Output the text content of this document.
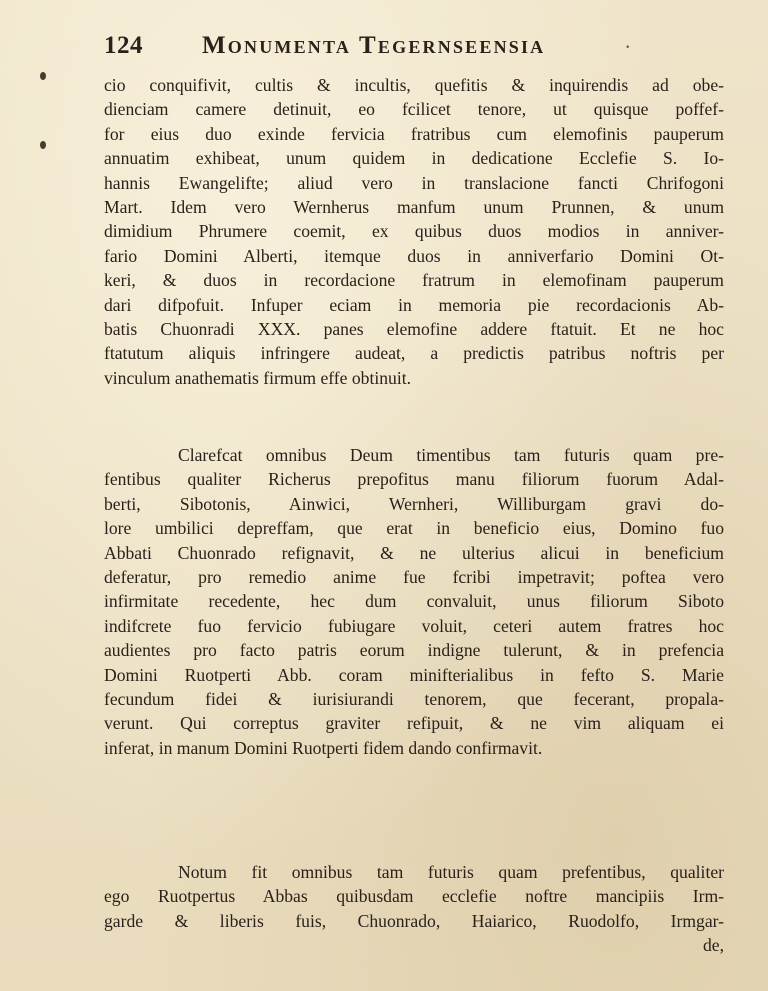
124 Monumenta Tegernseensia	·
cio conquifivit, cultis & incultis, quefitis & inquirendis ad obe-
dienciam camere detinuit, eo fcilicet tenore, ut quisque poffef-
for eius duo exinde fervicia fratribus cum elemofinis pauperum
annuatim exhibeat, unum quidem in dedicatione Ecclefie S. Io-
hannis Ewangelifte; aliud vero in translacione fancti Chrifogoni
Mart. Idem vero Wernherus manfum unum Prunnen, & unum
dimidium Phrumere coemit, ex quibus duos modios in anniver-
fario Domini Alberti, itemque duos in anniverfario Domini Ot-
keri, & duos in recordacione fratrum in elemofinam pauperum
dari difpofuit. Infuper eciam in memoria pie recordacionis Ab-
batis Chuonradi XXX. panes elemofine addere ftatuit. Et ne hoc
ftatutum aliquis infringere audeat, a predictis patribus noftris per
vinculum anathematis firmum effe obtinuit.
Clarefcat omnibus Deum timentibus tam futuris quam pre-
fentibus qualiter Richerus prepofitus manu filiorum fuorum Adal-
berti, Sibotonis, Ainwici, Wernheri, Williburgam gravi do-
lore umbilici depreffam, que erat in beneficio eius, Domino fuo
Abbati Chuonrado refignavit, & ne ulterius alicui in beneficium
deferatur, pro remedio anime fue fcribi impetravit; poftea vero
infirmitate recedente, hec dum convaluit, unus filiorum Siboto
indifcrete fuo fervicio fubiugare voluit, ceteri autem fratres hoc
audientes pro facto patris eorum indigne tulerunt, & in prefencia
Domini Ruotperti Abb. coram minifterialibus in fefto S. Marie
fecundum fidei & iurisiurandi tenorem, que fecerant, propala-
verunt. Qui correptus graviter refipuit, & ne vim aliquam ei
inferat, in manum Domini Ruotperti fidem dando confirmavit.
Notum fit omnibus tam futuris quam prefentibus, qualiter
ego Ruotpertus Abbas quibusdam ecclefie noftre mancipiis Irm-
garde & liberis fuis, Chuonrado, Haiarico, Ruodolfo, Irmgar-
de,
